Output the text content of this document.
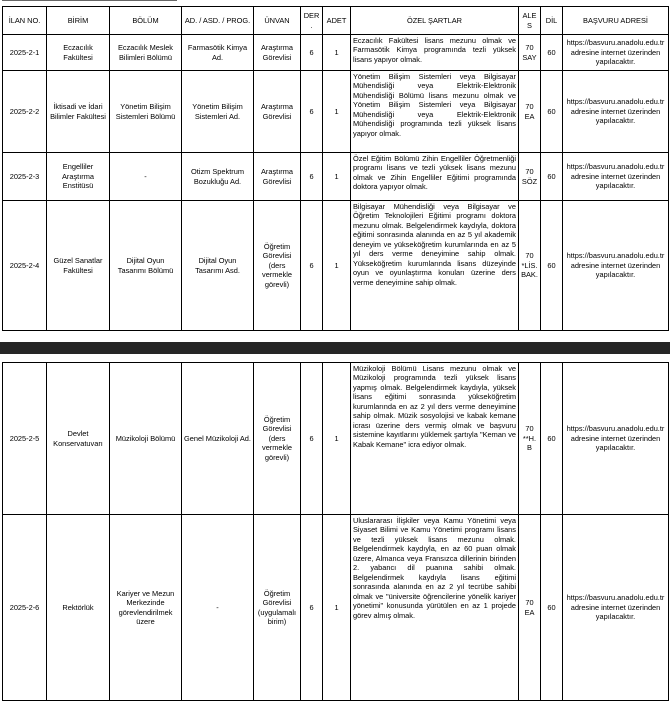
İLAN NO.	BİRİM	BÖLÜM	AD. / ASD. / PROG.	ÜNVAN	DER.	ADET	ÖZEL ŞARTLAR	ALES	DİL	BAŞVURU ADRESİ
2025-2-1	Eczacılık Fakültesi	Eczacılık Meslek Bilimleri Bölümü	Farmasötik Kimya Ad.	Araştırma Görevlisi	6	1	Eczacılık Fakültesi lisans mezunu olmak ve Farmasötik Kimya programında tezli yüksek lisans yapıyor olmak.	70 SAY	60	https://basvuru.anadolu.edu.tr adresine internet üzerinden yapılacaktır.
2025-2-2	İktisadi ve İdari Bilimler Fakültesi	Yönetim Bilişim Sistemleri Bölümü	Yönetim Bilişim Sistemleri Ad.	Araştırma Görevlisi	6	1	Yönetim Bilişim Sistemleri veya Bilgisayar Mühendisliği veya Elektrik-Elektronik Mühendisliği Bölümü lisans mezunu olmak ve Yönetim Bilişim Sistemleri veya Bilgisayar Mühendisliği veya Elektrik-Elektronik Mühendisliği programında tezli yüksek lisans yapıyor olmak.	70 EA	60	https://basvuru.anadolu.edu.tr adresine internet üzerinden yapılacaktır.
2025-2-3	Engelliler Araştırma Enstitüsü	-	Otizm Spektrum Bozukluğu Ad.	Araştırma Görevlisi	6	1	Özel Eğitim Bölümü Zihin Engelliler Öğretmenliği programı lisans ve tezli yüksek lisans mezunu olmak ve Zihin Engelliler Eğitimi programında doktora yapıyor olmak.	70 SÖZ	60	https://basvuru.anadolu.edu.tr adresine internet üzerinden yapılacaktır.
2025-2-4	Güzel Sanatlar Fakültesi	Dijital Oyun Tasarımı Bölümü	Dijital Oyun Tasarımı Asd.	Öğretim Görevlisi (ders vermekle görevli)	6	1	Bilgisayar Mühendisliği veya Bilgisayar ve Öğretim Teknolojileri Eğitimi programı doktora mezunu olmak. Belgelendirmek kaydıyla, doktora eğitimi sonrasında alanında en az 5 yıl akademik deneyim ve yükseköğretim kurumlarında en az 5 yıl ders verme deneyimine sahip olmak. Yükseköğretim kurumlarında lisans düzeyinde oyun ve oyunlaştırma konuları üzerine ders verme deneyimine sahip olmak.	70 *LİS. BAK.	60	https://basvuru.anadolu.edu.tr adresine internet üzerinden yapılacaktır.
2025-2-5	Devlet Konservatuvarı	Müzikoloji Bölümü	Genel Müzikoloji Ad.	Öğretim Görevlisi (ders vermekle görevli)	6	1	Müzikoloji Bölümü Lisans mezunu olmak ve Müzikoloji programında tezli yüksek lisans yapmış olmak. Belgelendirmek kaydıyla, yüksek lisans eğitimi sonrasında yükseköğretim kurumlarında en az 2 yıl ders verme deneyimine sahip olmak. Müzik sosyolojisi ve kabak kemane icrası üzerine ders vermiş olmak ve başvuru sistemine kayıtlarını yüklemek şartıyla "Keman ve Kabak Kemane" icra ediyor olmak.	70 **H.B	60	https://basvuru.anadolu.edu.tr adresine internet üzerinden yapılacaktır.
2025-2-6	Rektörlük	Kariyer ve Mezun Merkezinde görevlendirilmek üzere	-	Öğretim Görevlisi (uygulamalı birim)	6	1	Uluslararası İlişkiler veya Kamu Yönetimi veya Siyaset Bilimi ve Kamu Yönetimi programı lisans ve tezli yüksek lisans mezunu olmak. Belgelendirmek kaydıyla, en az 60 puan olmak üzere, Almanca veya Fransızca dillerinin birinden 2. yabancı dil puanına sahibi olmak. Belgelendirmek kaydıyla lisans eğitimi sonrasında alanında en az 2 yıl tecrübe sahibi olmak ve "üniversite öğrencilerine yönelik kariyer yönetimi" konusunda yürütülen en az 1 projede görev almış olmak.	70 EA	60	https://basvuru.anadolu.edu.tr adresine internet üzerinden yapılacaktır.
